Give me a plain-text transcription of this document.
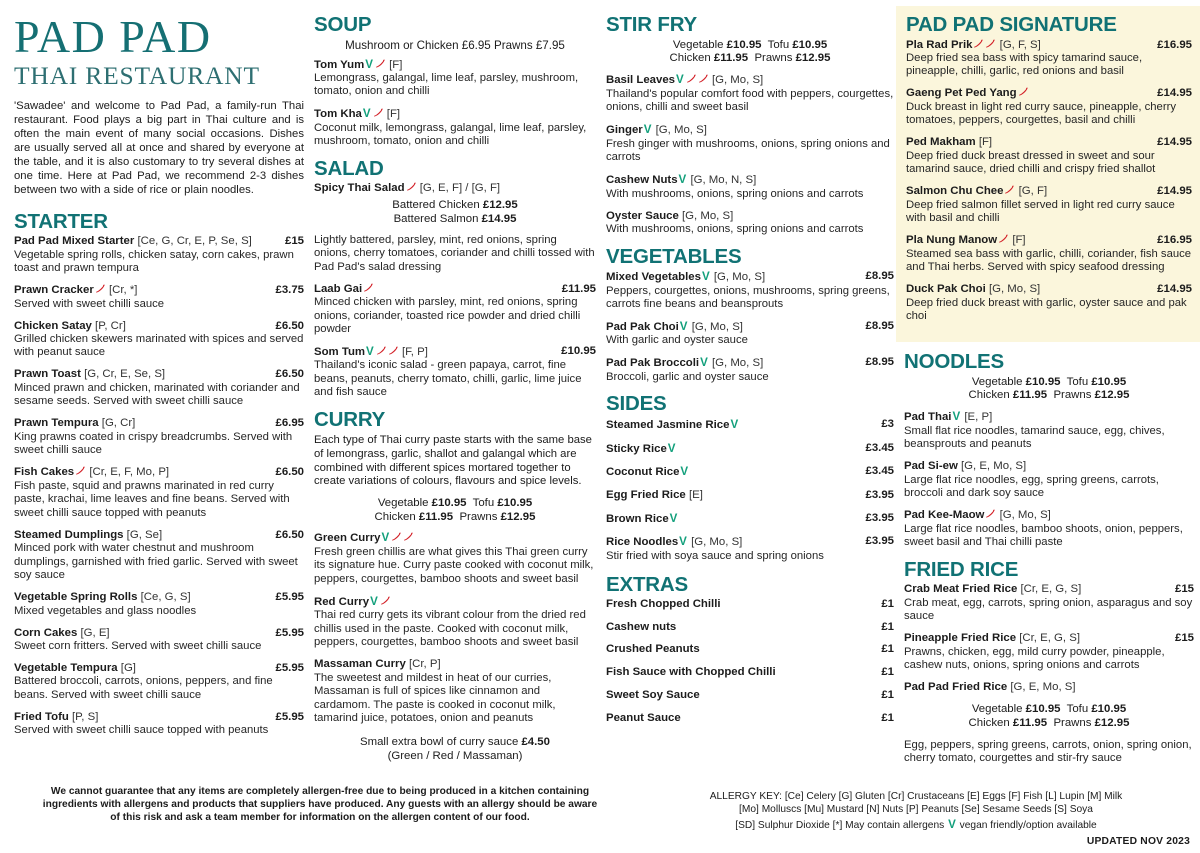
PAD PAD
THAI RESTAURANT
'Sawadee' and welcome to Pad Pad, a family-run Thai restaurant. Food plays a big part in Thai culture and is often the main event of many social occasions. Dishes are usually served all at once and shared by everyone at the table, and it is also customary to try several dishes at one time. Here at Pad Pad, we recommend 2-3 dishes between two with a side of rice or plain noodles.
STARTER
Pad Pad Mixed Starter [Ce, G, Cr, E, P, Se, S]	£15
Vegetable spring rolls, chicken satay, corn cakes, prawn toast and prawn tempura
Prawn Cracker [Cr, *]	£3.75
Served with sweet chilli sauce
Chicken Satay [P, Cr]	£6.50
Grilled chicken skewers marinated with spices and served with peanut sauce
Prawn Toast [G, Cr, E, Se, S]	£6.50
Minced prawn and chicken, marinated with coriander and sesame seeds. Served with sweet chilli sauce
Prawn Tempura [G, Cr]	£6.95
King prawns coated in crispy breadcrumbs. Served with sweet chilli sauce
Fish Cakes [Cr, E, F, Mo, P]	£6.50
Fish paste, squid and prawns marinated in red curry paste, krachai, lime leaves and fine beans. Served with sweet chilli sauce topped with peanuts
Steamed Dumplings [G, Se]	£6.50
Minced pork with water chestnut and mushroom dumplings, garnished with fried garlic. Served with sweet soy sauce
Vegetable Spring Rolls [Ce, G, S]	£5.95
Mixed vegetables and glass noodles
Corn Cakes [G, E]	£5.95
Sweet corn fritters. Served with sweet chilli sauce
Vegetable Tempura [G]	£5.95
Battered broccoli, carrots, onions, peppers, and fine beans. Served with sweet chilli sauce
Fried Tofu [P, S]	£5.95
Served with sweet chilli sauce topped with peanuts
SOUP
Mushroom or Chicken £6.95 Prawns £7.95
Tom YumV [F]
Lemongrass, galangal, lime leaf, parsley, mushroom, tomato, onion and chilli
Tom KhaV [F]
Coconut milk, lemongrass, galangal, lime leaf, parsley, mushroom, tomato, onion and chilli
SALAD
Spicy Thai Salad [G, E, F] / [G, F]
Battered Chicken £12.95
Battered Salmon £14.95
Lightly battered, parsley, mint, red onions, spring onions, cherry tomatoes, coriander and chilli tossed with Pad Pad's salad dressing
Laab Gai	£11.95
Minced chicken with parsley, mint, red onions, spring onions, coriander, toasted rice powder and dried chilli powder
Som TumV [F, P]	£10.95
Thailand's iconic salad - green papaya, carrot, fine beans, peanuts, cherry tomato, chilli, garlic, lime juice and fish sauce
CURRY
Each type of Thai curry paste starts with the same base of lemongrass, garlic, shallot and galangal which are combined with different spices mortared together to create variations of colours, flavours and spice levels.
Vegetable £10.95 Tofu £10.95
Chicken £11.95 Prawns £12.95
Green CurryV
Fresh green chillis are what gives this Thai green curry its signature hue. Curry paste cooked with coconut milk, peppers, courgettes, bamboo shoots and sweet basil
Red CurryV
Thai red curry gets its vibrant colour from the dried red chillis used in the paste. Cooked with coconut milk, peppers, courgettes, bamboo shoots and sweet basil
Massaman Curry [Cr, P]
The sweetest and mildest in heat of our curries, Massaman is full of spices like cinnamon and cardamom. The paste is cooked in coconut milk, tamarind juice, potatoes, onion and peanuts
Small extra bowl of curry sauce £4.50
(Green / Red / Massaman)
STIR FRY
Vegetable £10.95 Tofu £10.95
Chicken £11.95 Prawns £12.95
Basil LeavesV [G, Mo, S]
Thailand's popular comfort food with peppers, courgettes, onions, chilli and sweet basil
GingerV [G, Mo, S]
Fresh ginger with mushrooms, onions, spring onions and carrots
Cashew NutsV [G, Mo, N, S]
With mushrooms, onions, spring onions and carrots
Oyster Sauce [G, Mo, S]
With mushrooms, onions, spring onions and carrots
VEGETABLES
Mixed VegetablesV [G, Mo, S]	£8.95
Peppers, courgettes, onions, mushrooms, spring greens, carrots fine beans and beansprouts
Pad Pak ChoiV [G, Mo, S]	£8.95
With garlic and oyster sauce
Pad Pak BroccoliV [G, Mo, S]	£8.95
Broccoli, garlic and oyster sauce
SIDES
Steamed Jasmine RiceV	£3
Sticky RiceV	£3.45
Coconut RiceV	£3.45
Egg Fried Rice [E]	£3.95
Brown RiceV	£3.95
Rice NoodlesV [G, Mo, S]	£3.95
Stir fried with soya sauce and spring onions
EXTRAS
Fresh Chopped Chilli	£1
Cashew nuts	£1
Crushed Peanuts	£1
Fish Sauce with Chopped Chilli	£1
Sweet Soy Sauce	£1
Peanut Sauce	£1
PAD PAD SIGNATURE
Pla Rad Prik [G, F, S]	£16.95
Deep fried sea bass with spicy tamarind sauce, pineapple, chilli, garlic, red onions and basil
Gaeng Pet Ped Yang	£14.95
Duck breast in light red curry sauce, pineapple, cherry tomatoes, peppers, courgettes, basil and chilli
Ped Makham [F]	£14.95
Deep fried duck breast dressed in sweet and sour tamarind sauce, dried chilli and crispy fried shallot
Salmon Chu Chee [G, F]	£14.95
Deep fried salmon fillet served in light red curry sauce with basil and chilli
Pla Nung Manow [F]	£16.95
Steamed sea bass with garlic, chilli, coriander, fish sauce and Thai herbs. Served with spicy seafood dressing
Duck Pak Choi [G, Mo, S]	£14.95
Deep fried duck breast with garlic, oyster sauce and pak choi
NOODLES
Vegetable £10.95 Tofu £10.95
Chicken £11.95 Prawns £12.95
Pad ThaiV [E, P]
Small flat rice noodles, tamarind sauce, egg, chives, beansprouts and peanuts
Pad Si-ew [G, E, Mo, S]
Large flat rice noodles, egg, spring greens, carrots, broccoli and dark soy sauce
Pad Kee-Maow [G, Mo, S]
Large flat rice noodles, bamboo shoots, onion, peppers, sweet basil and Thai chilli paste
FRIED RICE
Crab Meat Fried Rice [Cr, E, G, S]	£15
Crab meat, egg, carrots, spring onion, asparagus and soy sauce
Pineapple Fried Rice [Cr, E, G, S]	£15
Prawns, chicken, egg, mild curry powder, pineapple, cashew nuts, onions, spring onions and carrots
Pad Pad Fried Rice [G, E, Mo, S]
Vegetable £10.95 Tofu £10.95
Chicken £11.95 Prawns £12.95
Egg, peppers, spring greens, carrots, onion, spring onion, cherry tomato, courgettes and stir-fry sauce
We cannot guarantee that any items are completely allergen-free due to being produced in a kitchen containing ingredients with allergens and products that suppliers have produced. Any guests with an allergy should be aware of this risk and ask a team member for information on the allergen content of our food.
ALLERGY KEY: [Ce] Celery [G] Gluten [Cr] Crustaceans [E] Eggs [F] Fish [L] Lupin [M] Milk
[Mo] Molluscs [Mu] Mustard [N] Nuts [P] Peanuts [Se] Sesame Seeds [S] Soya
[SD] Sulphur Dioxide [*] May contain allergens V vegan friendly/option available
UPDATED NOV 2023
